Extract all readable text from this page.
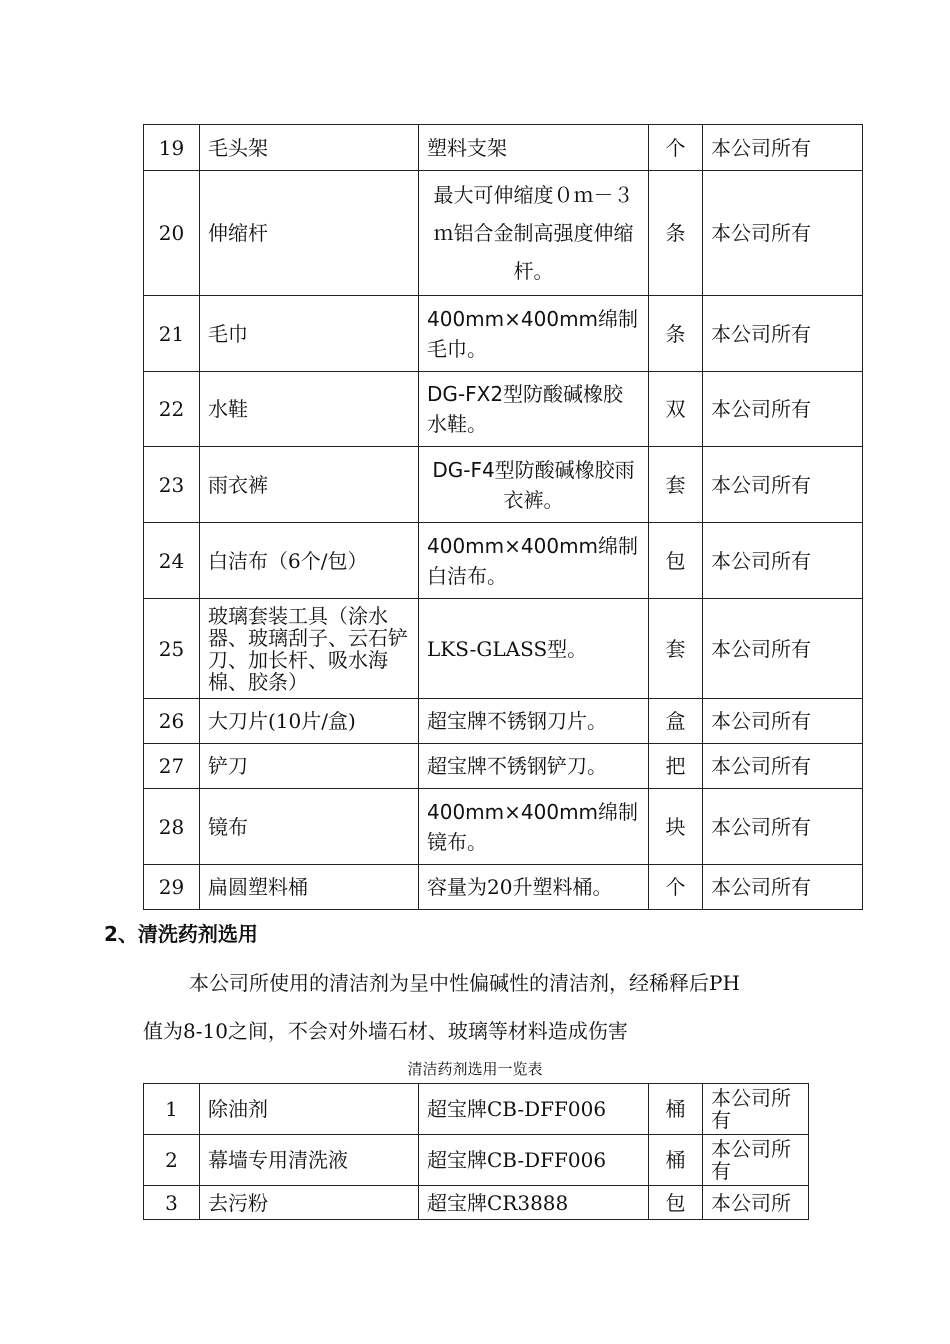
19	毛头架	塑料支架	个	本公司所有
20	伸缩杆	最大可伸缩度０ｍ－３ｍ铝合金制高强度伸缩杆。	条	本公司所有
21	毛巾	400mm×400mm绵制毛巾。	条	本公司所有
22	水鞋	DG-FX2型防酸碱橡胶水鞋。	双	本公司所有
23	雨衣裤	DG-F4型防酸碱橡胶雨衣裤。	套	本公司所有
24	白洁布（6个/包）	400mm×400mm绵制白洁布。	包	本公司所有
25	玻璃套装工具（涂水器、玻璃刮子、云石铲刀、加长杆、吸水海棉、胶条）	LKS-GLASS型。	套	本公司所有
26	大刀片(10片/盒)	超宝牌不锈钢刀片。	盒	本公司所有
27	铲刀	超宝牌不锈钢铲刀。	把	本公司所有
28	镜布	400mm×400mm绵制镜布。	块	本公司所有
29	扁圆塑料桶	容量为20升塑料桶。	个	本公司所有
2、清洗药剂选用
本公司所使用的清洁剂为呈中性偏碱性的清洁剂，经稀释后PH
值为8-10之间，不会对外墙石材、玻璃等材料造成伤害
清洁药剂选用一览表
1	除油剂	超宝牌CB-DFF006	桶	本公司所有
2	幕墙专用清洗液	超宝牌CB-DFF006	桶	本公司所有
3	去污粉	超宝牌CR3888	包	本公司所
